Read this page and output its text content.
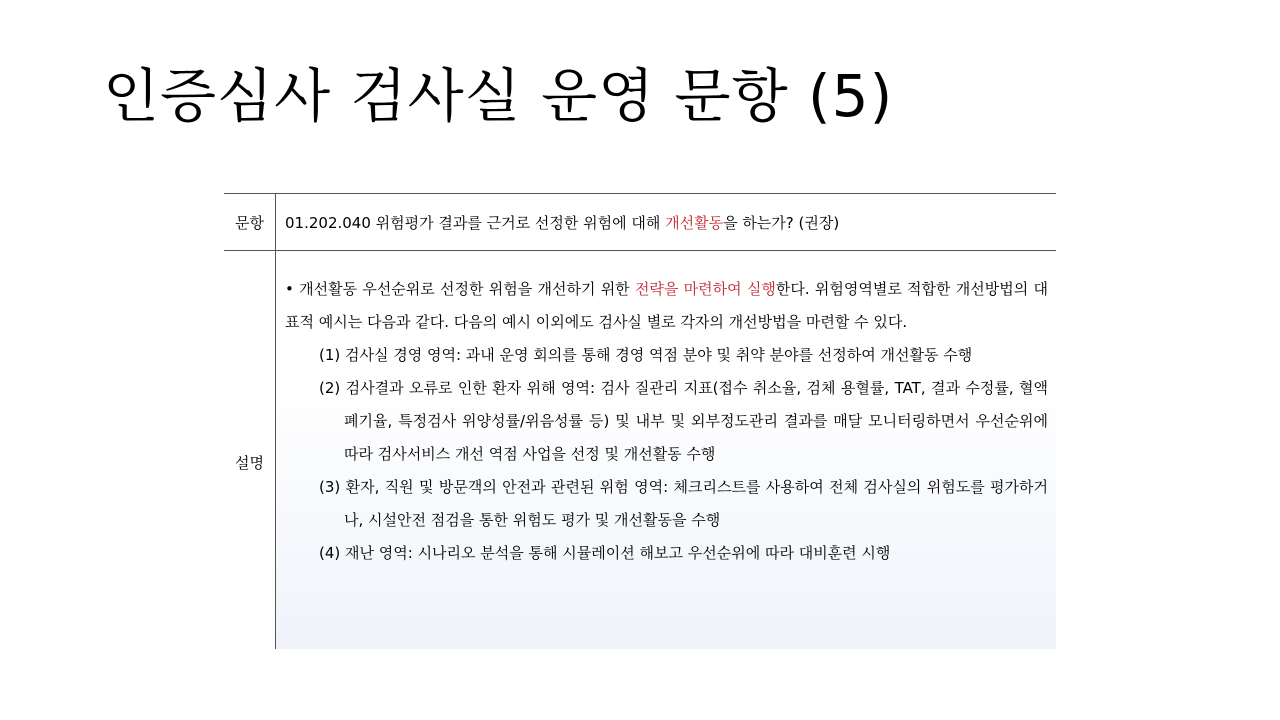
인증심사 검사실 운영 문항 (5)
문항	01.202.040 위험평가 결과를 근거로 선정한 위험에 대해 개선활동을 하는가? (권장)
설명	• 개선활동 우선순위로 선정한 위험을 개선하기 위한 전략을 마련하여 실행한다. 위험영역별로 적합한 개선방법의 대표적 예시는 다음과 같다. 다음의 예시 이외에도 검사실 별로 각자의 개선방법을 마련할 수 있다.
(1) 검사실 경영 영역: 과내 운영 회의를 통해 경영 역점 분야 및 취약 분야를 선정하여 개선활동 수행
(2) 검사결과 오류로 인한 환자 위해 영역: 검사 질관리 지표(접수 취소율, 검체 용혈률, TAT, 결과 수정률, 혈액폐기율, 특정검사 위양성률/위음성률 등) 및 내부 및 외부정도관리 결과를 매달 모니터링하면서 우선순위에 따라 검사서비스 개선 역점 사업을 선정 및 개선활동 수행
(3) 환자, 직원 및 방문객의 안전과 관련된 위험 영역: 체크리스트를 사용하여 전체 검사실의 위험도를 평가하거나, 시설안전 점검을 통한 위험도 평가 및 개선활동을 수행
(4) 재난 영역: 시나리오 분석을 통해 시뮬레이션 해보고 우선순위에 따라 대비훈련 시행
